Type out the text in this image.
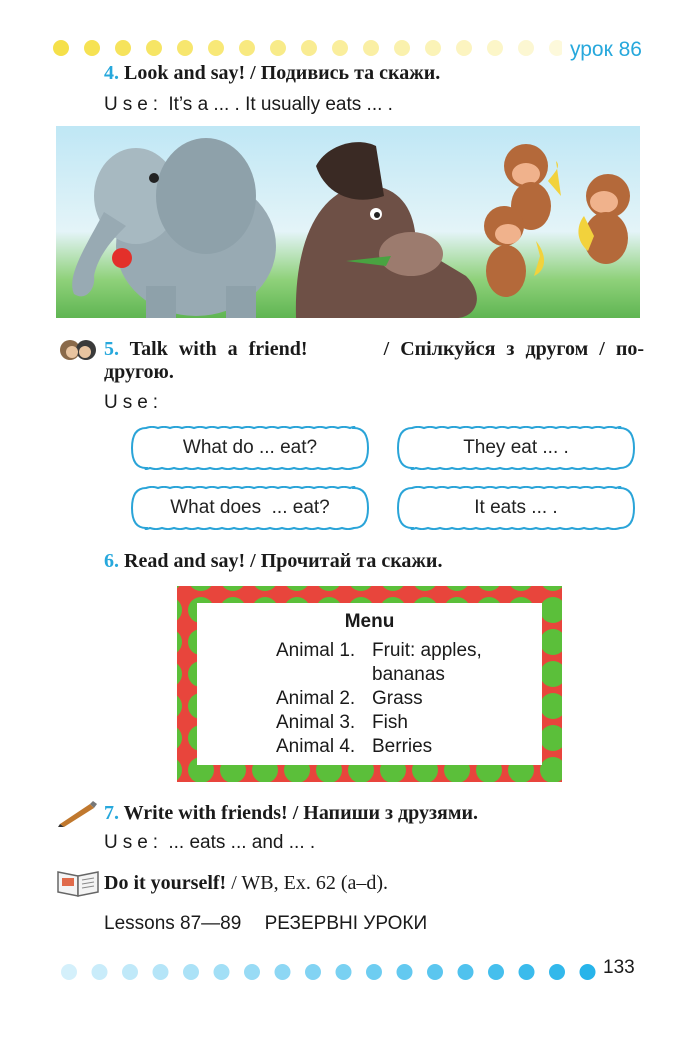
урок 86
4. Look and say! / Подивись та скажи.
Use: It’s a ... . It usually eats ... .
5. Talk with a friend!	/ Спілкуйся з другом / по-
другою.
Use:
What do ... eat?	They eat ... .
What does  ... eat?	It eats ... .
6. Read and say! / Прочитай та скажи.
Menu
Animal 1. Fruit: apples,
bananas
Animal 2. Grass
Animal 3. Fish
Animal 4. Berries
7. Write with friends! / Напиши з друзями.
Use: ... eats ... and ... .
Do it yourself! / WB, Ex. 62 (a–d).
Lessons 87—89 РЕЗЕРВНІ УРОКИ
133
